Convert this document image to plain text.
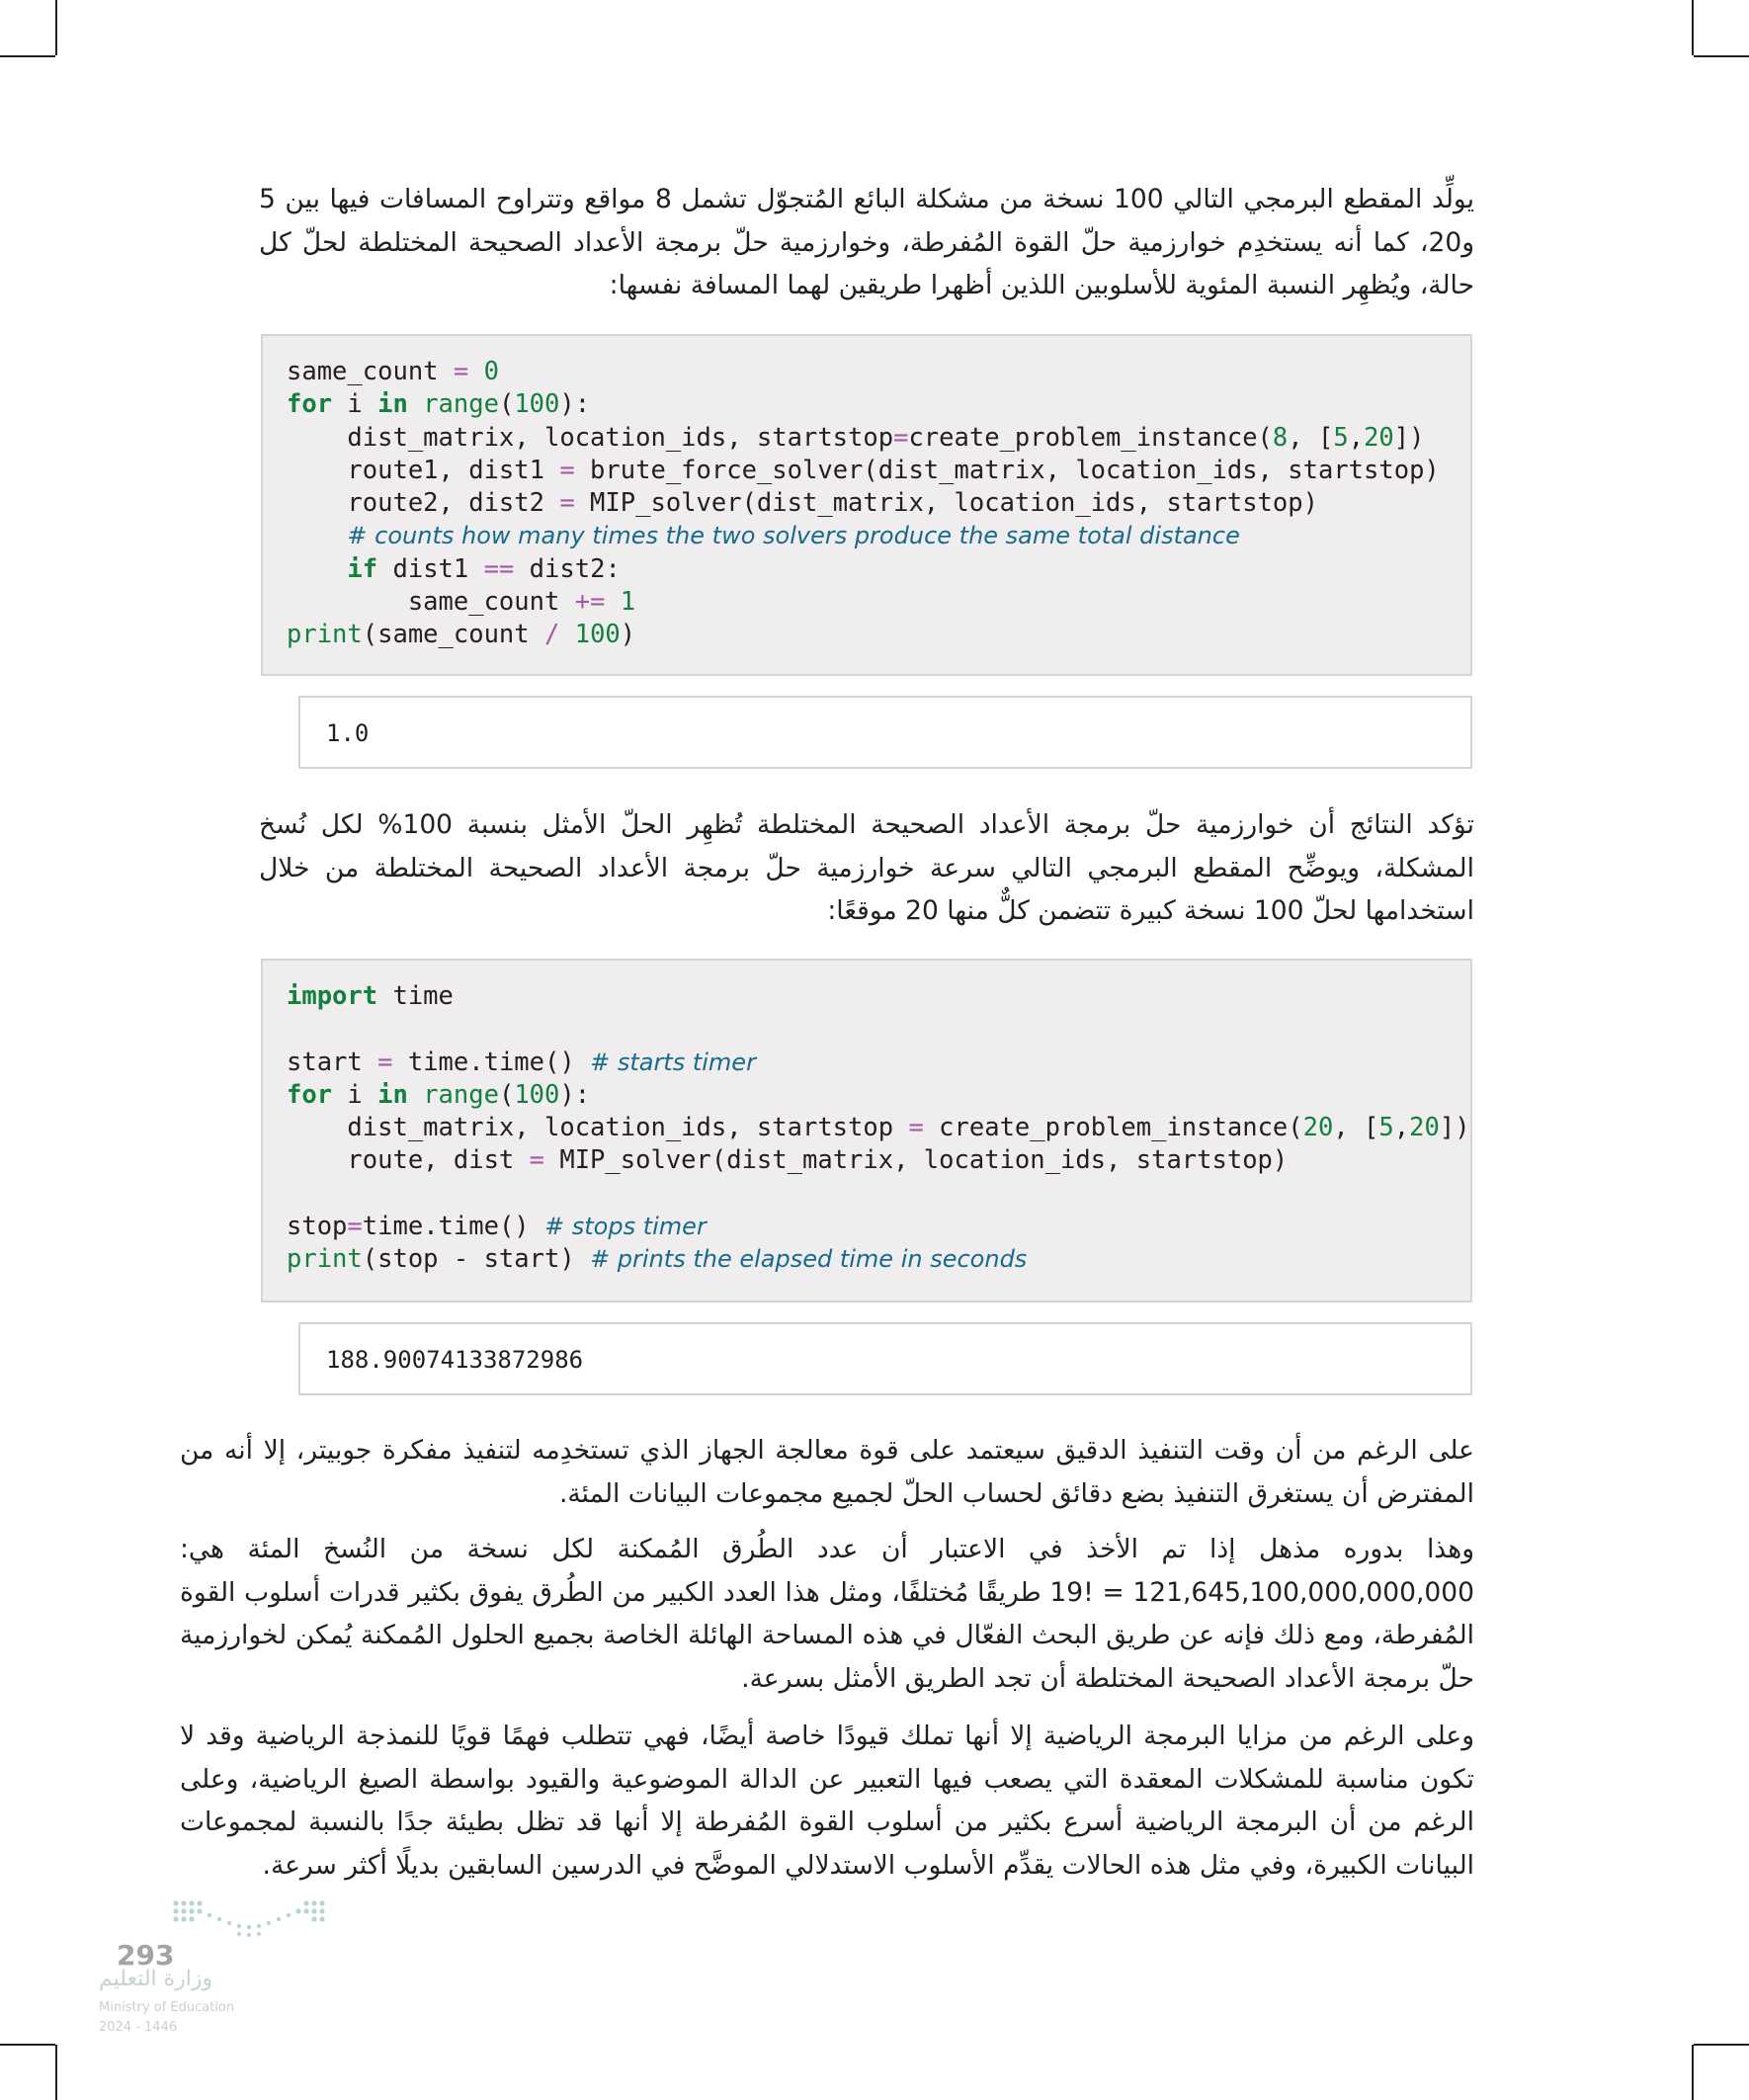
يولِّد المقطع البرمجي التالي 100 نسخة من مشكلة البائع المُتجوّل تشمل 8 مواقع وتتراوح المسافات فيها بين 5 و20، كما أنه يستخدِم خوارزمية حلّ القوة المُفرطة، وخوارزمية حلّ برمجة الأعداد الصحيحة المختلطة لحلّ كل حالة، ويُظهِر النسبة المئوية للأسلوبين اللذين أظهرا طريقين لهما المسافة نفسها:

same_count = 0
for i in range(100):
dist_matrix, location_ids, startstop=create_problem_instance(8, [5,20])
route1, dist1 = brute_force_solver(dist_matrix, location_ids, startstop)
route2, dist2 = MIP_solver(dist_matrix, location_ids, startstop)
# counts how many times the two solvers produce the same total distance
if dist1 == dist2:
same_count += 1
print(same_count / 100)
1.0

تؤكد النتائج أن خوارزمية حلّ برمجة الأعداد الصحيحة المختلطة تُظهِر الحلّ الأمثل بنسبة 100% لكل نُسخ المشكلة، ويوضِّح المقطع البرمجي التالي سرعة خوارزمية حلّ برمجة الأعداد الصحيحة المختلطة من خلال استخدامها لحلّ 100 نسخة كبيرة تتضمن كلٌّ منها 20 موقعًا:

import time

start = time.time() # starts timer
for i in range(100):
dist_matrix, location_ids, startstop = create_problem_instance(20, [5,20])
route, dist = MIP_solver(dist_matrix, location_ids, startstop)

stop=time.time() # stops timer
print(stop - start) # prints the elapsed time in seconds
188.90074133872986

على الرغم من أن وقت التنفيذ الدقيق سيعتمد على قوة معالجة الجهاز الذي تستخدِمه لتنفيذ مفكرة جوبيتر، إلا أنه من المفترض أن يستغرق التنفيذ بضع دقائق لحساب الحلّ لجميع مجموعات البيانات المئة.

وهذا بدوره مذهل إذا تم الأخذ في الاعتبار أن عدد الطُرق المُمكنة لكل نسخة من النُسخ المئة هي: 121,645,100,000,000,000 = !19 طريقًا مُختلفًا، ومثل هذا العدد الكبير من الطُرق يفوق بكثير قدرات أسلوب القوة المُفرطة، ومع ذلك فإنه عن طريق البحث الفعّال في هذه المساحة الهائلة الخاصة بجميع الحلول المُمكنة يُمكن لخوارزمية حلّ برمجة الأعداد الصحيحة المختلطة أن تجد الطريق الأمثل بسرعة.

وعلى الرغم من مزايا البرمجة الرياضية إلا أنها تملك قيودًا خاصة أيضًا، فهي تتطلب فهمًا قويًا للنمذجة الرياضية وقد لا تكون مناسبة للمشكلات المعقدة التي يصعب فيها التعبير عن الدالة الموضوعية والقيود بواسطة الصيغ الرياضية، وعلى الرغم من أن البرمجة الرياضية أسرع بكثير من أسلوب القوة المُفرطة إلا أنها قد تظل بطيئة جدًا بالنسبة لمجموعات البيانات الكبيرة، وفي مثل هذه الحالات يقدِّم الأسلوب الاستدلالي الموضَّح في الدرسين السابقين بديلًا أكثر سرعة.

293
وزارة التعليم
Ministry of Education
2024 - 1446
